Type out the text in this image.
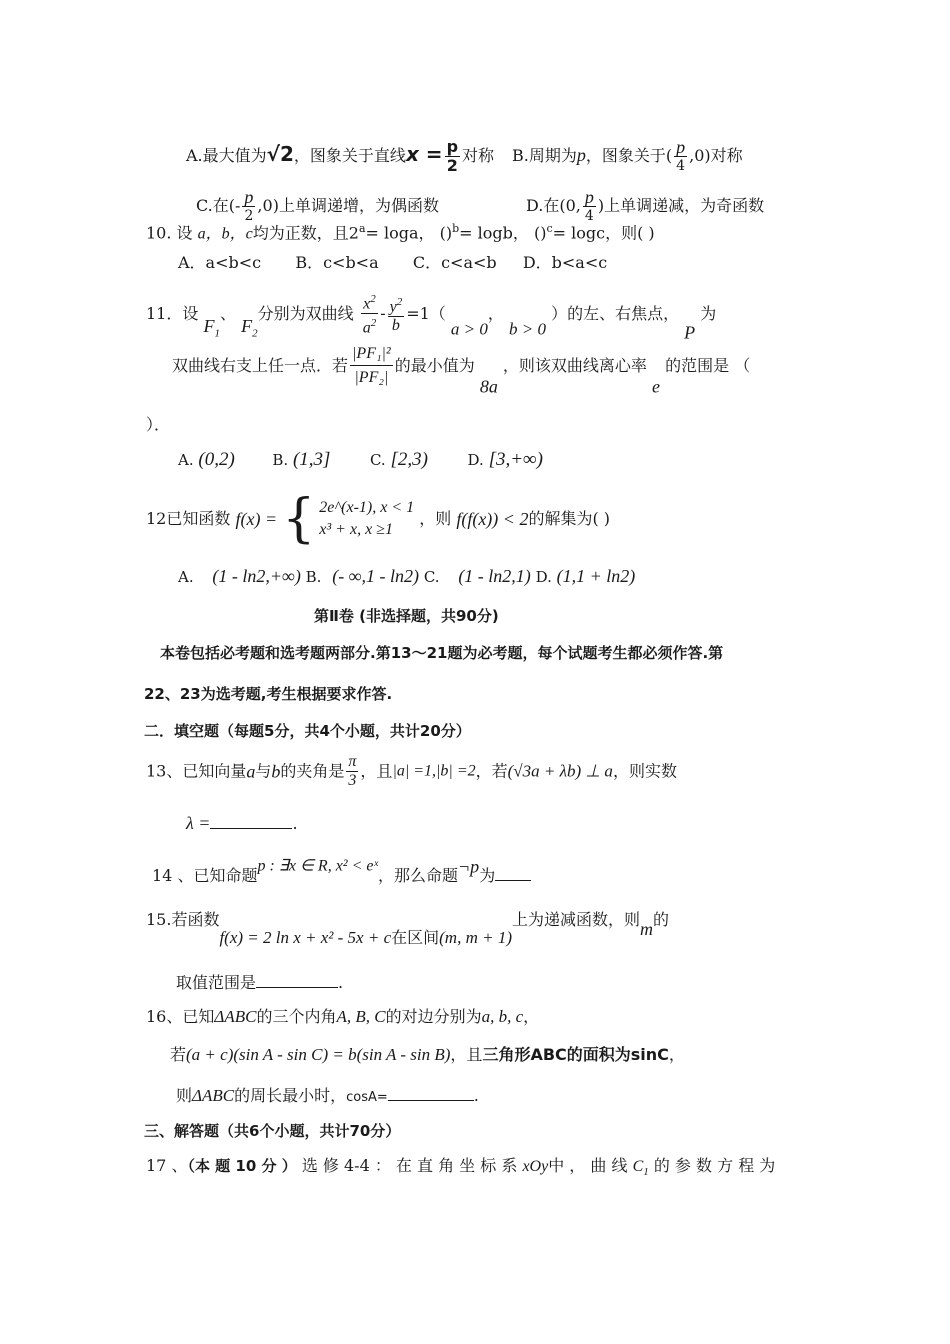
A.最大值为√2，图象关于直线$x = \frac{p}{2}$ 对称 B.周期为p，图象关于( $\frac{p}{4} ,0$)对称
C.在(- $\frac{p}{2} ,0$)上单调递增，为偶函数	D.在(0, $\frac{p}{4}$ )上单调递减，为奇函数
10. 设 a，b，c均为正数，且$2^a= \log a$， ()$^b$= logb， ()$^c$= logc，则( )
A．a<b<c B．c<b<a C．c<a<b D．b<a<c
11．设 $F_1$、 $F_2$分别为双曲线 $\frac{x^2}{a^2} - \frac{y^2}{b} =1$（ a > 0， b > 0 ）的左、右焦点， P 为
双曲线右支上任一点．若 $\frac{\text{|PF₁|²}}{\text{|PF₂|}}$ 的最小值为 8a ，则该双曲线离心率 e 的范围是 （
）．
A. (0,2)	B. (1,3]	C. [2,3)	D. [3,+∞)
12已知函数 f(x) = { 2e^(x-1), x < 1
x³ + x, x ≥1
，则 f(f(x)) < 2的解集为( )
A. (1 - ln2,+∞) B. (- ∞,1 - ln2) C. (1 - ln2,1) D. (1,1 + ln2)
第Ⅱ卷 (非选择题，共90分)
本卷包括必考题和选考题两部分.第13～21题为必考题，每个试题考生都必须作答.第
22、23为选考题,考生根据要求作答.
二．填空题（每题5分，共4个小题，共计20分）
13、已知向量a与b的夹角是 $\frac{\pi}{3}$ ，且|a| =1,|b| =2，若(√3a + λb) ⊥ a，则实数
λ =	.
14 、已知命题p : ∃x ∈ R, x² < eˣ，那么命题¬p为
15.若函数f(x) = 2 ln x + x² - 5x + c在区间(m, m + 1)上为递减函数，则m的
取值范围是	.
16、已知ΔABC的三个内角A, B, C的对边分别为a, b, c，
若(a + c)(sin A - sin C) = b(sin A - sin B)，且三角形ABC的面积为sinC，
则ΔABC的周长最小时，cosA=	.
三、解答题（共6个小题，共计70分）
17 、（本 题 10 分 ） 选 修 4-4 ： 在 直 角 坐 标 系 xOy中 ， 曲 线 $C_1$ 的 参 数 方 程 为
